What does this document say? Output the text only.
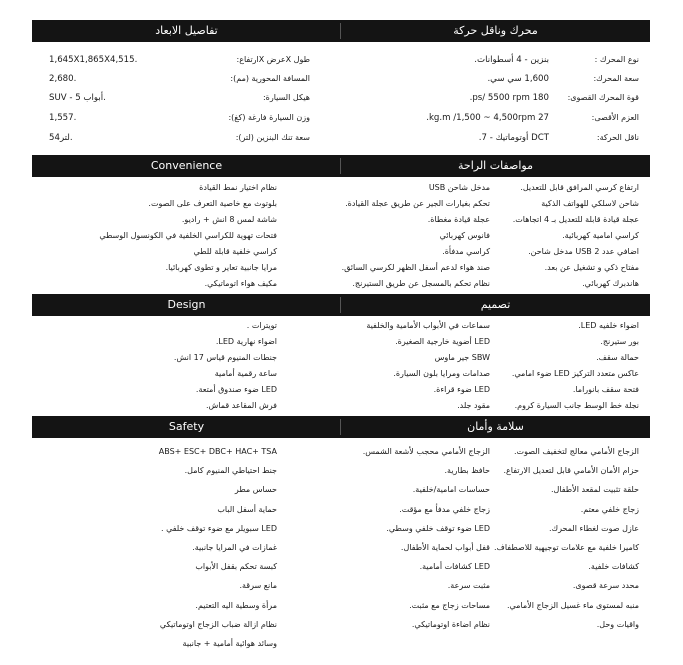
تفاصيل الابعاد	محرك وناقل حركة
نوع المحرك :
بنزين - 4 أسطوانات.
سعة المحرك:
1,600 سي سي.
قوة المحرك القصوى:
180 ps/ 5500 rpm.
العزم الأقصى:
27 kg.m /1,500 ~ 4,500rpm.
ناقل الحركة:
DCT أوتوماتيك - 7.
طول Xعرض Xارتفاع:
1,645X1,865X4,515.
المسافة المحورية (مم):
2,680.
هيكل السيارة:
SUV - أبواب 5.
وزن السيارة فارغة (كغ):
1,557.
سعة تنك البنزين (لتر):
54لتر.
Convenience	مواصفات الراحة
ارتفاع كرسي المرافق قابل للتعديل.
شاحن لاسلكي للهواتف الذكية
عجلة قيادة قابلة للتعديل بـ 4 اتجاهات.
كراسي امامية كهربائية.
اضافي عدد USB 2 مدخل شاحن.
مفتاح ذكي و تشغيل عن بعد.
هاندبرك كهربائي.
مدخل شاحن USB
تحكم بغيارات الجير عن طريق عجلة القيادة.
عجلة قيادة مغطاة.
فانوس كهربائي
كراسي مدفأة.
صند هواء لدعم أسفل الظهر لكرسي السائق.
نظام تحكم بالمسجل عن طريق الستيرنج.
نظام اختيار نمط القيادة
بلوتوث مع خاصية التعرف على الصوت.
شاشة لمس 8 انش + راديو.
فتحات تهوية للكراسي الخلفية في الكونسول الوسطي
كراسي خلفية قابلة للطي
مرايا جانبية تعاير و تطوى كهربائيا.
مكيف هواء اتوماتيكي.
Design	تصميم
اضواء خلفيه LED.
بور ستيرنج.
حمالة سقف.
عاكس متعدد التركيز LED ضوء امامي.
فتحة سقف بانوراما.
نجلة خط الوسط جانب السيارة كروم.
سماعات في الأبواب الأمامية والخلفية
LED أضوية خارجية الصغيرة.
SBW جير ماوس
صدامات ومرايا بلون السيارة.
LED ضوء قراءة.
مقود جلد.
تويترات .
اضواء نهارية LED.
جنطات المنيوم قياس 17 انش.
ساعة رقمية أمامية
LED ضوء صندوق أمتعة.
فرش المقاعد قماش.
Safety	سلامة وأمان
الزجاج الأمامي معالج لتخفيف الصوت.
حزام الأمان الأمامي قابل لتعديل الارتفاع.
حلقة تثبيت لمقعد الأطفال.
زجاج خلفي معتم.
عازل صوت لغطاء المحرك.
كاميرا خلفية مع علامات توجيهية للاصطفاف.
كشافات خلفية.
محدد سرعة قصوى.
منبه لمستوى ماء غسيل الزجاج الأمامي.
واقيات وحل.
الزجاج الأمامي محجب لأشعة الشمس.
حافظ بطارية.
حساسات امامية/خلفية.
زجاج خلفي مدفأ مع مؤقت.
LED ضوء توقف خلفي وسطي.
قفل أبواب لحماية الأطفال.
LED كشافات أمامية.
مثبت سرعة.
مساحات زجاج مع مثبت.
نظام اضاءة اوتوماتيكي.
ABS+ ESC+ DBC+ HAC+ TSA
جنط احتياطي المنيوم كامل.
حساس مطر
حماية أسفل الباب
LED سبويلر مع ضوء توقف خلفي .
غمازات في المرايا جانبية.
كبسة تحكم بقفل الأبواب
مانع سرقة.
مرأة وسطية اليه التعتيم.
نظام ازالة ضباب الزجاج اوتوماتيكي
وسائد هوائية أمامية + جانبية
